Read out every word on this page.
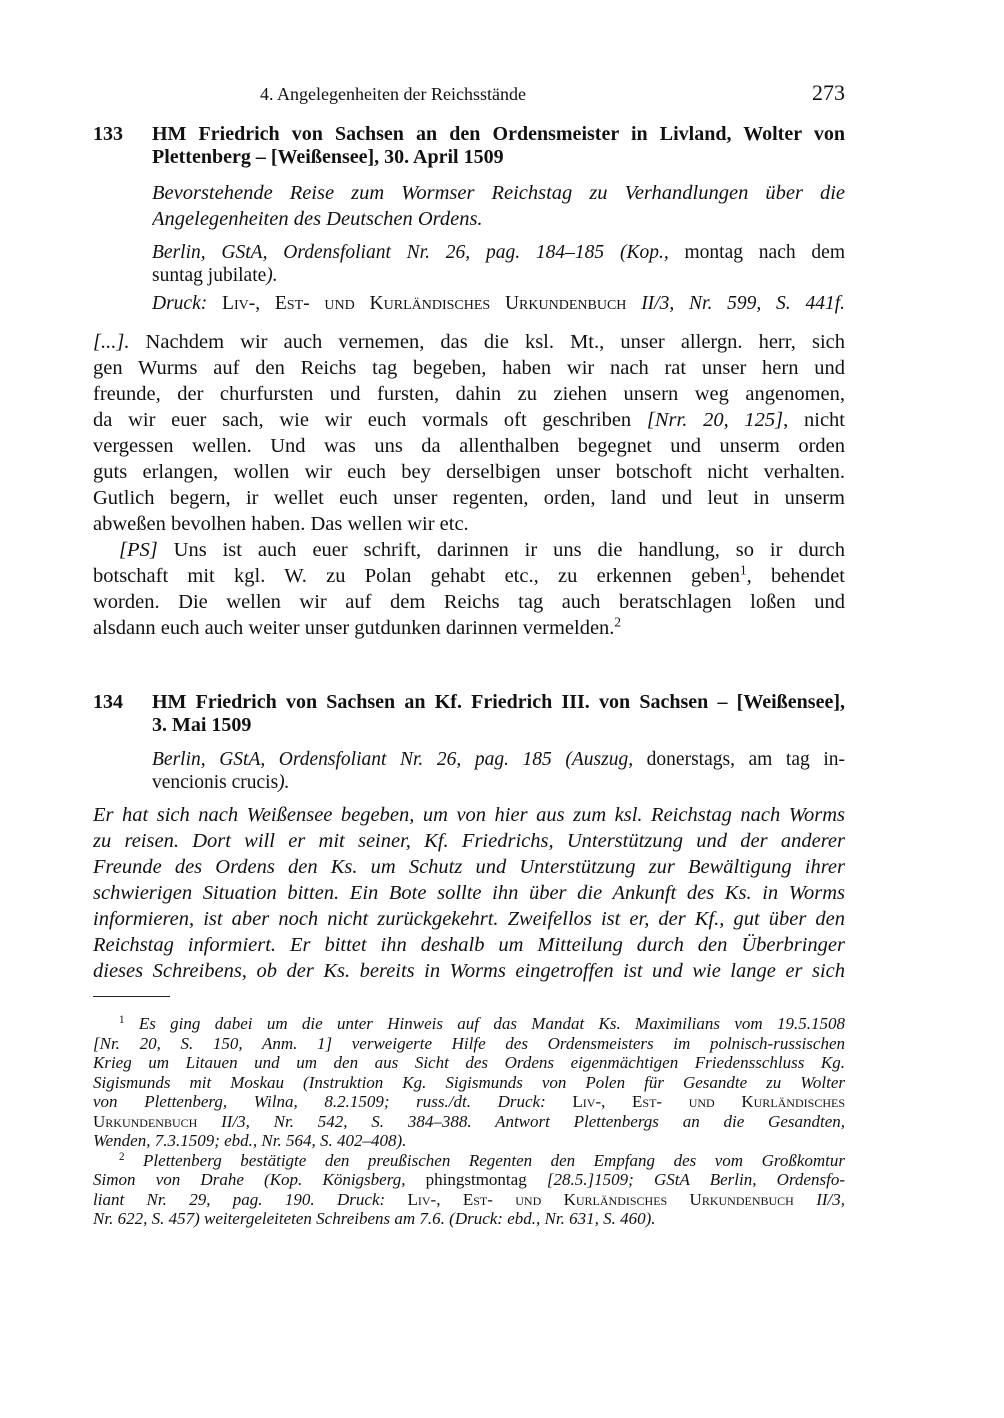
4. Angelegenheiten der Reichsstände	273
133 HM Friedrich von Sachsen an den Ordensmeister in Livland, Wolter von
Plettenberg – [Weißensee], 30. April 1509
Bevorstehende Reise zum Wormser Reichstag zu Verhandlungen über die
Angelegenheiten des Deutschen Ordens.
Berlin, GStA, Ordensfoliant Nr. 26, pag. 184–185 (Kop., montag nach dem
suntag jubilate).
Druck: Liv-, Est- und Kurländisches Urkundenbuch II/3, Nr. 599, S. 441f.
[...]. Nachdem wir auch vernemen, das die ksl. Mt., unser allergn. herr, sich
gen Wurms auf den Reichs tag begeben, haben wir nach rat unser hern und
freunde, der churfursten und fursten, dahin zu ziehen unsern weg angenomen,
da wir euer sach, wie wir euch vormals oft geschriben [Nrr. 20, 125], nicht
vergessen wellen. Und was uns da allenthalben begegnet und unserm orden
guts erlangen, wollen wir euch bey derselbigen unser botschoft nicht verhalten.
Gutlich begern, ir wellet euch unser regenten, orden, land und leut in unserm
abweßen bevolhen haben. Das wellen wir etc.
[PS] Uns ist auch euer schrift, darinnen ir uns die handlung, so ir durch
botschaft mit kgl. W. zu Polan gehabt etc., zu erkennen geben$^1$, behendet
worden. Die wellen wir auf dem Reichs tag auch beratschlagen loßen und
alsdann euch auch weiter unser gutdunken darinnen vermelden.$^2$
134 HM Friedrich von Sachsen an Kf. Friedrich III. von Sachsen – [Weißensee],
3. Mai 1509
Berlin, GStA, Ordensfoliant Nr. 26, pag. 185 (Auszug, donerstags, am tag in-
vencionis crucis).
Er hat sich nach Weißensee begeben, um von hier aus zum ksl. Reichstag nach Worms
zu reisen. Dort will er mit seiner, Kf. Friedrichs, Unterstützung und der anderer
Freunde des Ordens den Ks. um Schutz und Unterstützung zur Bewältigung ihrer
schwierigen Situation bitten. Ein Bote sollte ihn über die Ankunft des Ks. in Worms
informieren, ist aber noch nicht zurückgekehrt. Zweifellos ist er, der Kf., gut über den
Reichstag informiert. Er bittet ihn deshalb um Mitteilung durch den Überbringer
dieses Schreibens, ob der Ks. bereits in Worms eingetroffen ist und wie lange er sich
$^1$ Es ging dabei um die unter Hinweis auf das Mandat Ks. Maximilians vom 19.5.1508
[Nr. 20, S. 150, Anm. 1] verweigerte Hilfe des Ordensmeisters im polnisch-russischen
Krieg um Litauen und um den aus Sicht des Ordens eigenmächtigen Friedensschluss Kg.
Sigismunds mit Moskau (Instruktion Kg. Sigismunds von Polen für Gesandte zu Wolter
von Plettenberg, Wilna, 8.2.1509; russ./dt. Druck: Liv-, Est- und Kurländisches
Urkundenbuch II/3, Nr. 542, S. 384–388. Antwort Plettenbergs an die Gesandten,
Wenden, 7.3.1509; ebd., Nr. 564, S. 402–408).
$^2$ Plettenberg bestätigte den preußischen Regenten den Empfang des vom Großkomtur
Simon von Drahe (Kop. Königsberg, phingstmontag [28.5.]1509; GStA Berlin, Ordensfo-
liant Nr. 29, pag. 190. Druck: Liv-, Est- und Kurländisches Urkundenbuch II/3,
Nr. 622, S. 457) weitergeleiteten Schreibens am 7.6. (Druck: ebd., Nr. 631, S. 460).
